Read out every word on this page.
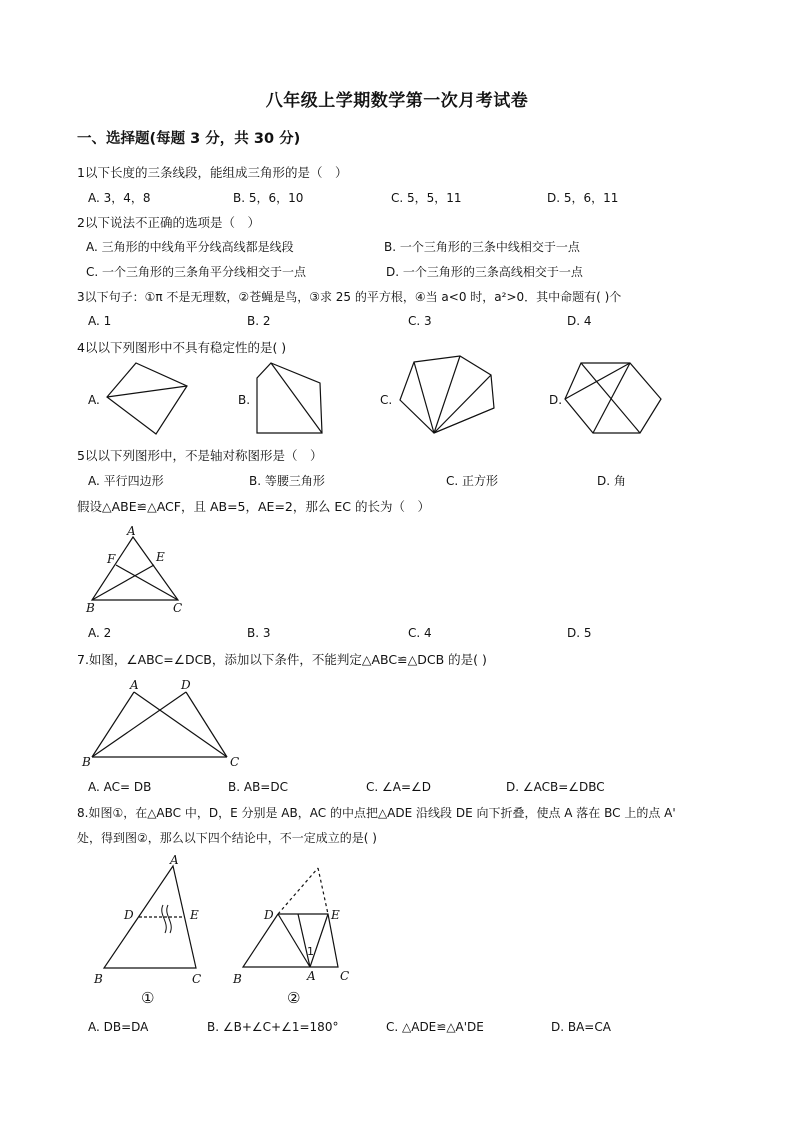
八年级上学期数学第一次月考试卷
一、选择题(每题 3 分，共 30 分)
1以下长度的三条线段，能组成三角形的是（　）
A. 3，4，8	B. 5，6，10	C. 5，5，11	D. 5，6，11
2以下说法不正确的选项是（　）
A. 三角形的中线角平分线高线都是线段	B. 一个三角形的三条中线相交于一点
C. 一个三角形的三条角平分线相交于一点	D. 一个三角形的三条高线相交于一点
3以下句子：①π 不是无理数，②苍蝇是鸟，③求 25 的平方根，④当 a<0 时，a²>0．其中命题有( )个
A. 1	B. 2	C. 3	D. 4
4以以下列图形中不具有稳定性的是( )
A.	B.	C.	D.
5以以下列图形中，不是轴对称图形是（　）
A. 平行四边形	B. 等腰三角形	C. 正方形	D. 角
假设△ABE≌△ACF，且 AB=5，AE=2，那么 EC 的长为（　）
A
F	E
B	C
A. 2	B. 3	C. 4	D. 5
7.如图，∠ABC=∠DCB，添加以下条件，不能判定△ABC≌△DCB 的是( )
A	D
B	C
A. AC= DB	B. AB=DC	C. ∠A=∠D	D. ∠ACB=∠DBC
8.如图①，在△ABC 中，D，E 分别是 AB，AC 的中点把△ADE 沿线段 DE 向下折叠，使点 A 落在 BC 上的点 A'
处，得到图②，那么以下四个结论中，不一定成立的是( )
A
D	E
B	C
①
D	E
1
A
B	C
②
A. DB=DA	B. ∠B+∠C+∠1=180°	C. △ADE≌△A'DE	D. BA=CA
